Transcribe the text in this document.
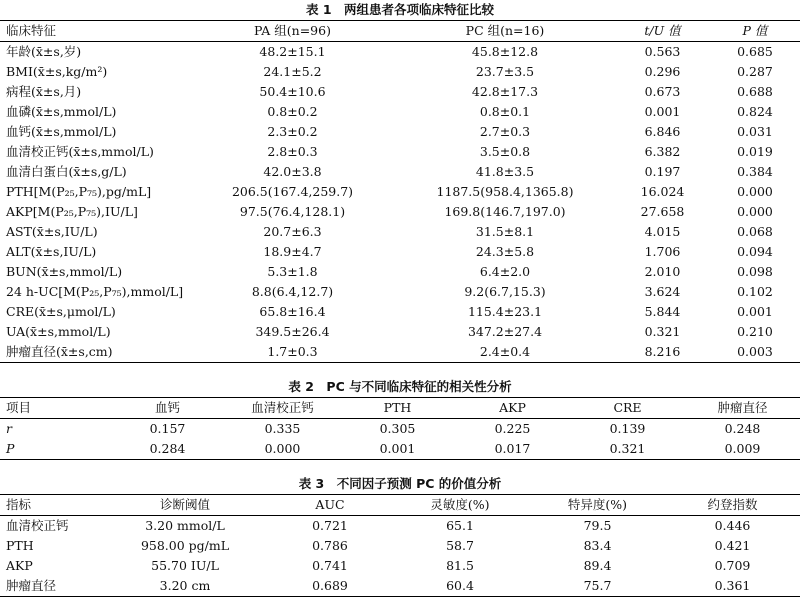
表 1　两组患者各项临床特征比较
临床特征	PA 组(n=96)	PC 组(n=16)	t/U 值	P 值
年龄(x̄±s,岁)	48.2±15.1	45.8±12.8	0.563	0.685
BMI(x̄±s,kg/m²)	24.1±5.2	23.7±3.5	0.296	0.287
病程(x̄±s,月)	50.4±10.6	42.8±17.3	0.673	0.688
血磷(x̄±s,mmol/L)	0.8±0.2	0.8±0.1	0.001	0.824
血钙(x̄±s,mmol/L)	2.3±0.2	2.7±0.3	6.846	0.031
血清校正钙(x̄±s,mmol/L)	2.8±0.3	3.5±0.8	6.382	0.019
血清白蛋白(x̄±s,g/L)	42.0±3.8	41.8±3.5	0.197	0.384
PTH[M(P₂₅,P₇₅),pg/mL]	206.5(167.4,259.7)	1187.5(958.4,1365.8)	16.024	0.000
AKP[M(P₂₅,P₇₅),IU/L]	97.5(76.4,128.1)	169.8(146.7,197.0)	27.658	0.000
AST(x̄±s,IU/L)	20.7±6.3	31.5±8.1	4.015	0.068
ALT(x̄±s,IU/L)	18.9±4.7	24.3±5.8	1.706	0.094
BUN(x̄±s,mmol/L)	5.3±1.8	6.4±2.0	2.010	0.098
24 h-UC[M(P₂₅,P₇₅),mmol/L]	8.8(6.4,12.7)	9.2(6.7,15.3)	3.624	0.102
CRE(x̄±s,μmol/L)	65.8±16.4	115.4±23.1	5.844	0.001
UA(x̄±s,mmol/L)	349.5±26.4	347.2±27.4	0.321	0.210
肿瘤直径(x̄±s,cm)	1.7±0.3	2.4±0.4	8.216	0.003
表 2　PC 与不同临床特征的相关性分析
项目	血钙	血清校正钙	PTH	AKP	CRE	肿瘤直径
r	0.157	0.335	0.305	0.225	0.139	0.248
P	0.284	0.000	0.001	0.017	0.321	0.009
表 3　不同因子预测 PC 的价值分析
指标	诊断阈值	AUC	灵敏度(%)	特异度(%)	约登指数
血清校正钙	3.20 mmol/L	0.721	65.1	79.5	0.446
PTH	958.00 pg/mL	0.786	58.7	83.4	0.421
AKP	55.70 IU/L	0.741	81.5	89.4	0.709
肿瘤直径	3.20 cm	0.689	60.4	75.7	0.361
